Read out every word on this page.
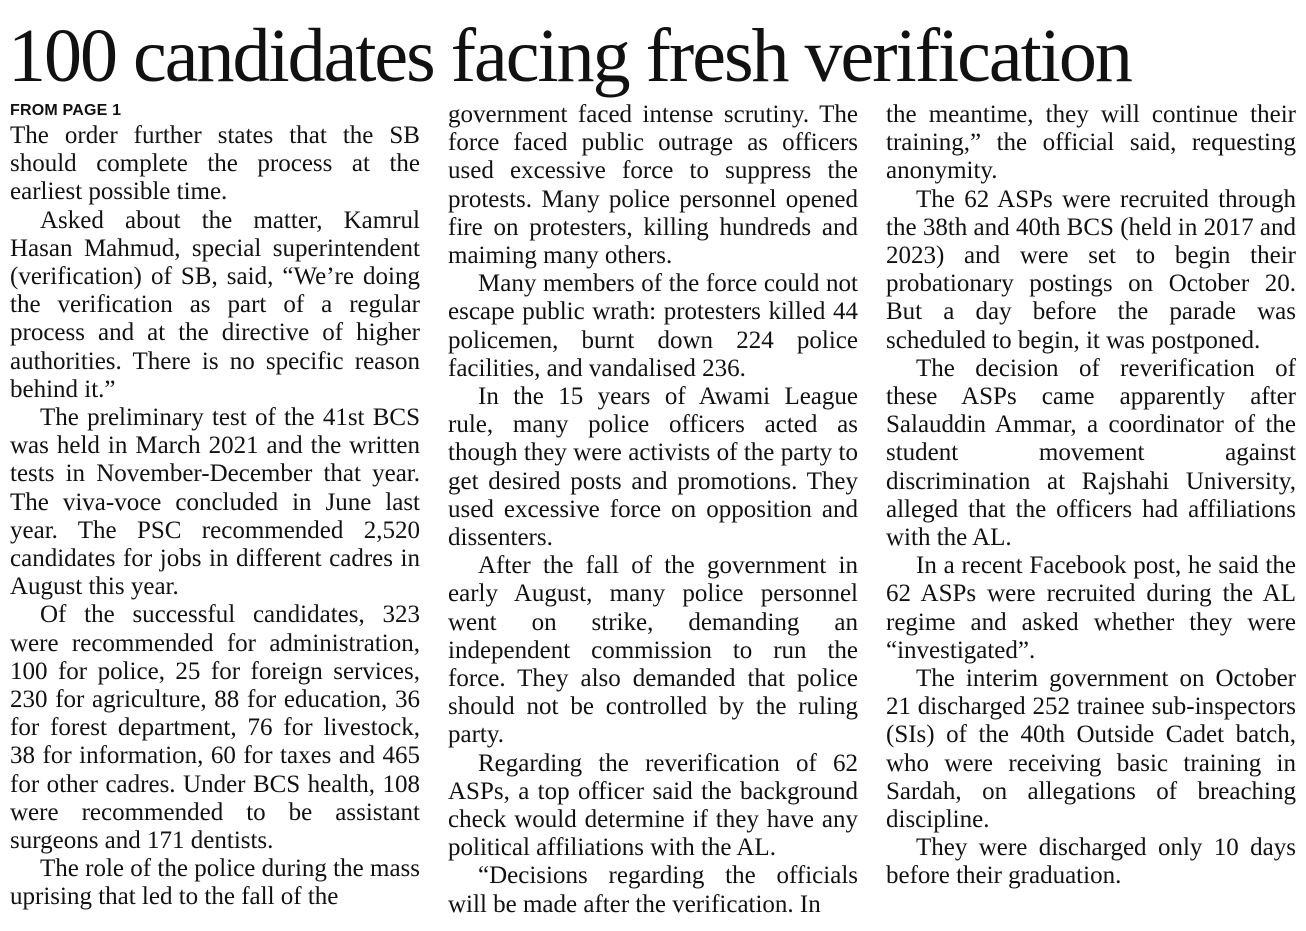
100 candidates facing fresh verification
FROM PAGE 1

The order further states that the SB should complete the process at the earliest possible time.

Asked about the matter, Kamrul Hasan Mahmud, special superintendent (verification) of SB, said, “We’re doing the verification as part of a regular process and at the directive of higher authorities. There is no specific reason behind it.”

The preliminary test of the 41st BCS was held in March 2021 and the written tests in November-December that year. The viva-voce concluded in June last year. The PSC recommended 2,520 candidates for jobs in different cadres in August this year.

Of the successful candidates, 323 were recommended for administration, 100 for police, 25 for foreign services, 230 for agriculture, 88 for education, 36 for forest department, 76 for livestock, 38 for information, 60 for taxes and 465 for other cadres. Under BCS health, 108 were recommended to be assistant surgeons and 171 dentists.

The role of the police during the mass uprising that led to the fall of the

government faced intense scrutiny. The force faced public outrage as officers used excessive force to suppress the protests. Many police personnel opened fire on protesters, killing hundreds and maiming many others.

Many members of the force could not escape public wrath: protesters killed 44 policemen, burnt down 224 police facilities, and vandalised 236.

In the 15 years of Awami League rule, many police officers acted as though they were activists of the party to get desired posts and promotions. They used excessive force on opposition and dissenters.

After the fall of the government in early August, many police personnel went on strike, demanding an independent commission to run the force. They also demanded that police should not be controlled by the ruling party.

Regarding the reverification of 62 ASPs, a top officer said the background check would determine if they have any political affiliations with the AL.

“Decisions regarding the officials will be made after the verification. In

the meantime, they will continue their training,” the official said, requesting anonymity.

The 62 ASPs were recruited through the 38th and 40th BCS (held in 2017 and 2023) and were set to begin their probationary postings on October 20. But a day before the parade was scheduled to begin, it was postponed.

The decision of reverification of these ASPs came apparently after Salauddin Ammar, a coordinator of the student movement against discrimination at Rajshahi University, alleged that the officers had affiliations with the AL.

In a recent Facebook post, he said the 62 ASPs were recruited during the AL regime and asked whether they were “investigated”.

The interim government on October 21 discharged 252 trainee sub-inspectors (SIs) of the 40th Outside Cadet batch, who were receiving basic training in Sardah, on allegations of breaching discipline.

They were discharged only 10 days before their graduation.
